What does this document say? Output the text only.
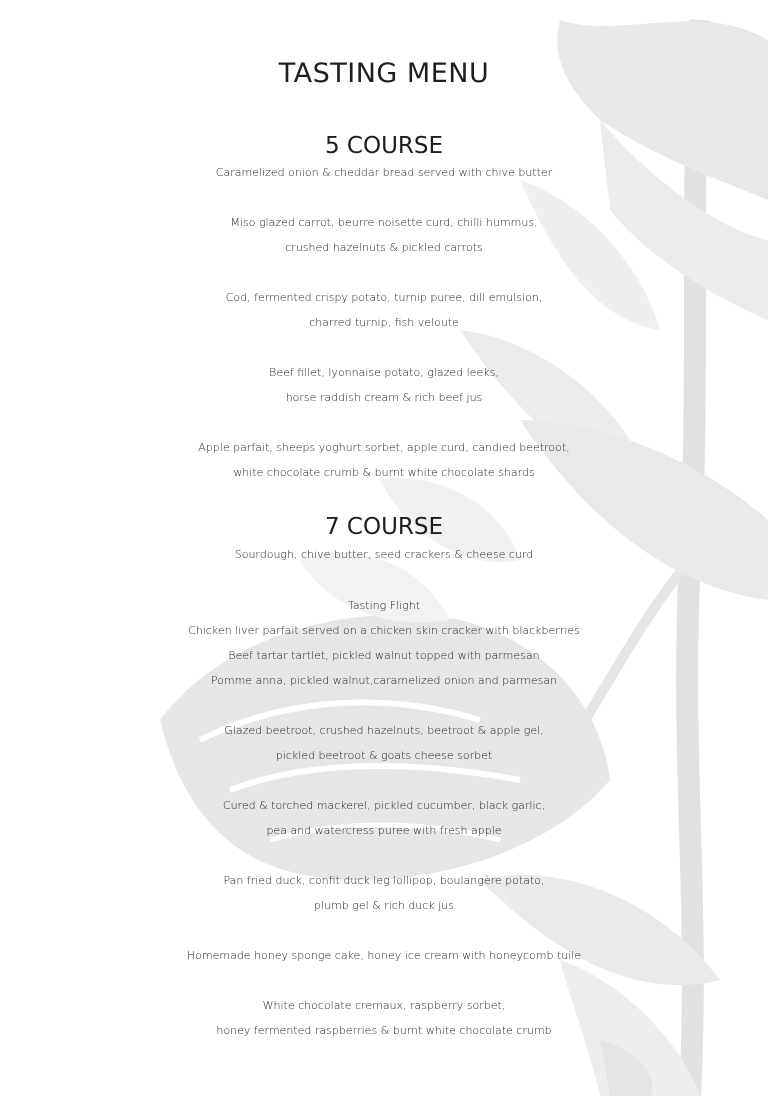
TASTING MENU
5 COURSE
Caramelized onion & cheddar bread served with chive butter
Miso glazed carrot, beurre noisette curd, chilli hummus,
crushed hazelnuts & pickled carrots
Cod, fermented crispy potato, turnip puree, dill emulsion,
charred turnip, fish veloute
Beef fillet, lyonnaise potato, glazed leeks,
horse raddish cream & rich beef jus
Apple parfait, sheeps yoghurt sorbet, apple curd, candied beetroot,
white chocolate crumb & burnt white chocolate shards
7 COURSE
Sourdough, chive butter, seed crackers & cheese curd
Tasting Flight
Chicken liver parfait served on a chicken skin cracker with blackberries
Beef tartar tartlet, pickled walnut topped with parmesan
Pomme anna, pickled walnut,caramelized onion and parmesan
Glazed beetroot, crushed hazelnuts, beetroot & apple gel,
pickled beetroot & goats cheese sorbet
Cured & torched mackerel, pickled cucumber, black garlic,
pea and watercress puree with fresh apple
Pan fried duck, confit duck leg lollipop, boulangère potato,
plumb gel & rich duck jus
Homemade honey sponge cake, honey ice cream with honeycomb tuile
White chocolate cremaux, raspberry sorbet,
honey fermented raspberries & burnt white chocolate crumb
